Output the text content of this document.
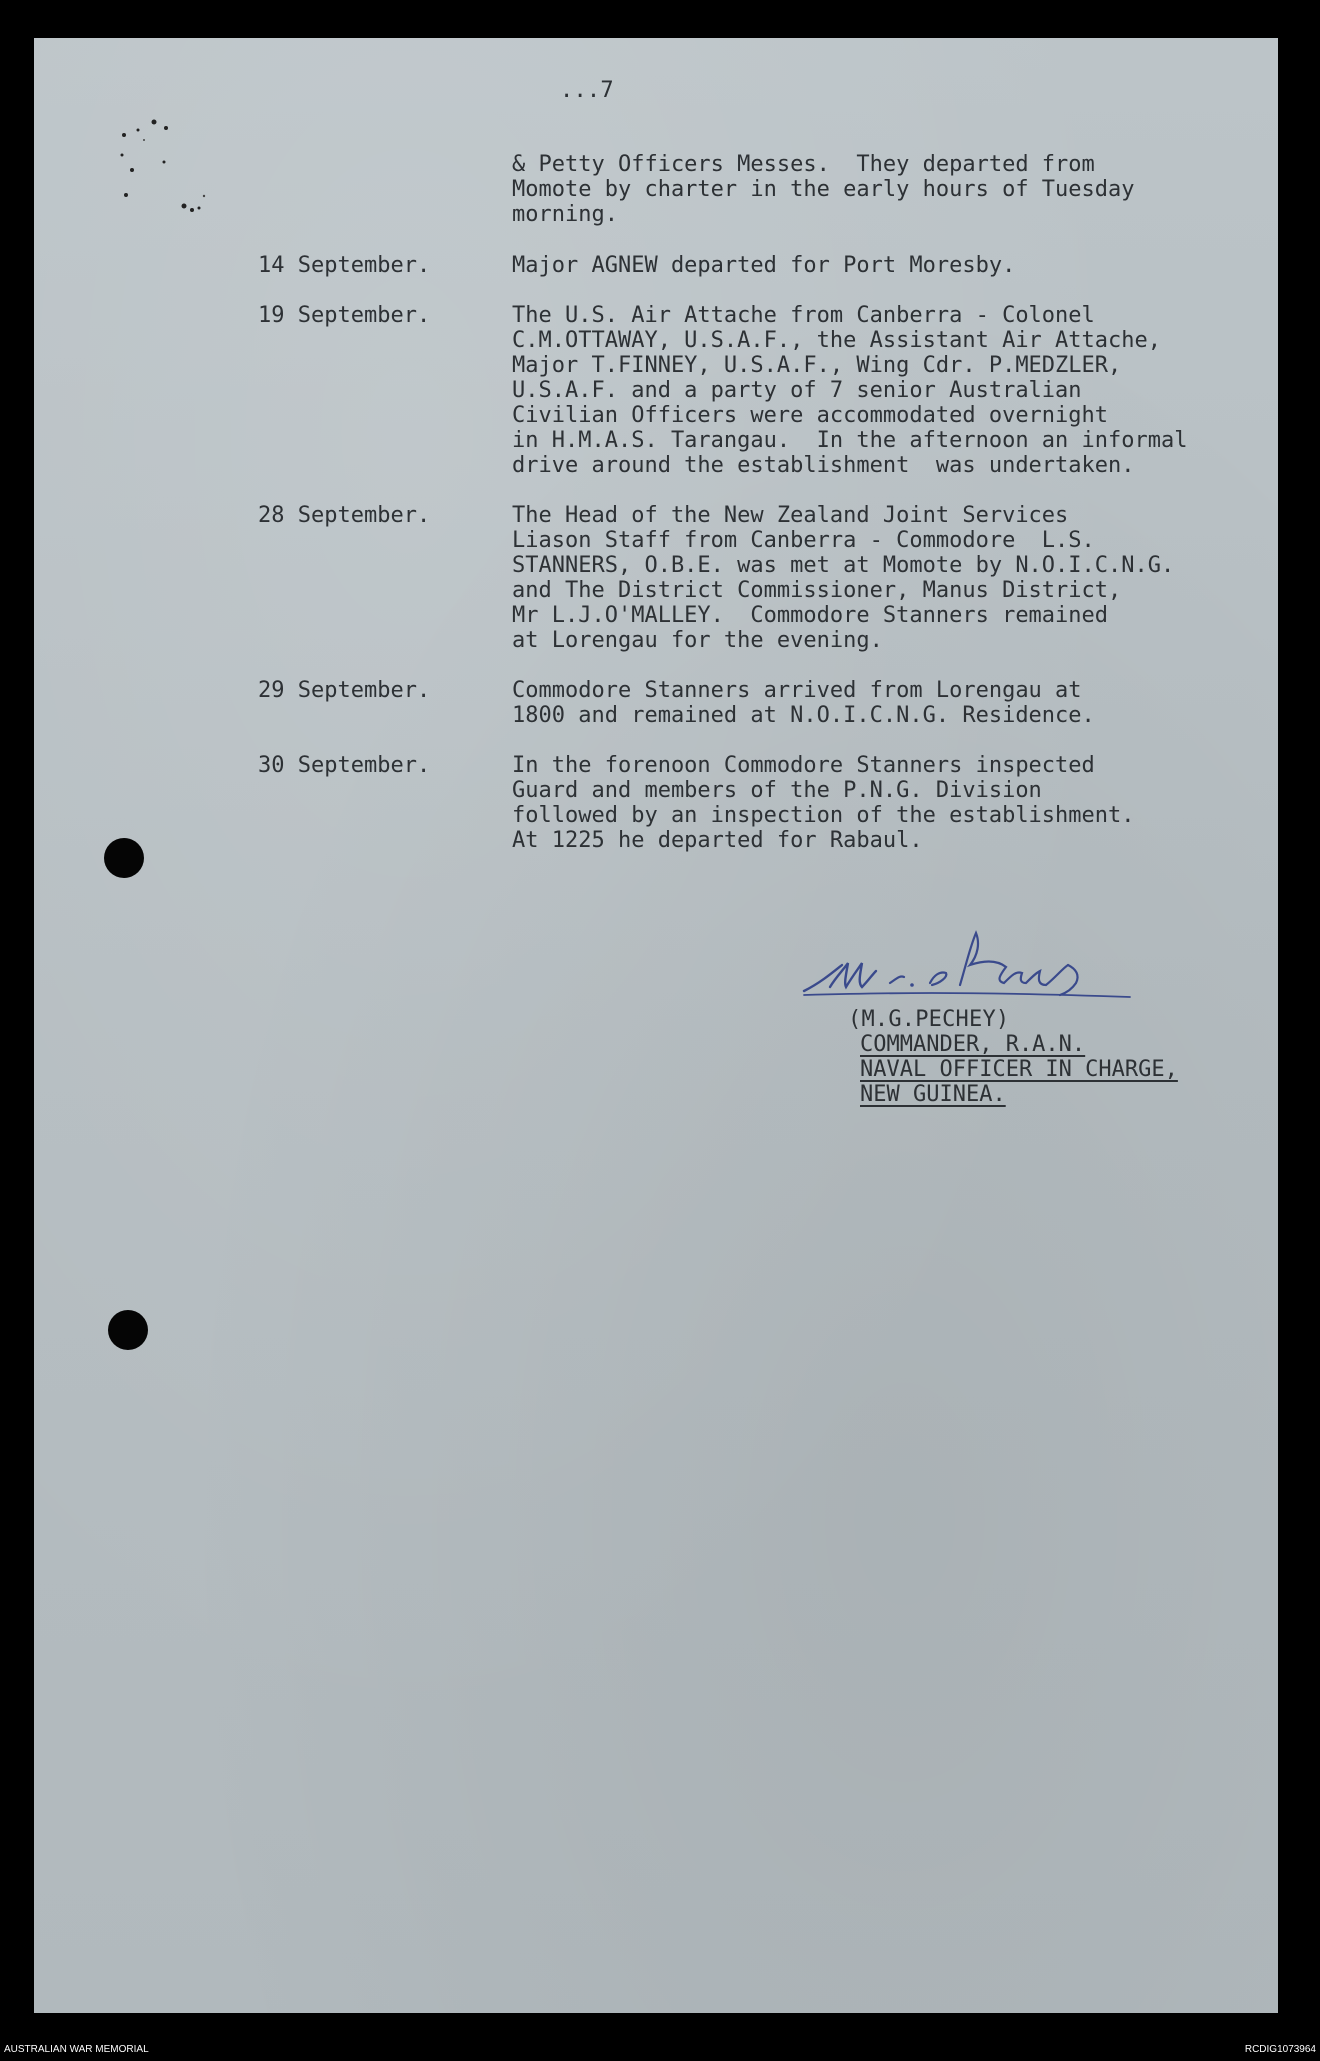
...7
& Petty Officers Messes.  They departed from
Momote by charter in the early hours of Tuesday
morning.
14 September.	Major AGNEW departed for Port Moresby.
19 September.	The U.S. Air Attache from Canberra - Colonel
C.M.OTTAWAY, U.S.A.F., the Assistant Air Attache,
Major T.FINNEY, U.S.A.F., Wing Cdr. P.MEDZLER,
U.S.A.F. and a party of 7 senior Australian
Civilian Officers were accommodated overnight
in H.M.A.S. Tarangau.  In the afternoon an informal
drive around the establishment  was undertaken.
28 September.	The Head of the New Zealand Joint Services
Liason Staff from Canberra - Commodore  L.S.
STANNERS, O.B.E. was met at Momote by N.O.I.C.N.G.
and The District Commissioner, Manus District,
Mr L.J.O'MALLEY.  Commodore Stanners remained
at Lorengau for the evening.
29 September.	Commodore Stanners arrived from Lorengau at
1800 and remained at N.O.I.C.N.G. Residence.
30 September.	In the forenoon Commodore Stanners inspected
Guard and members of the P.N.G. Division
followed by an inspection of the establishment.
At 1225 he departed for Rabaul.
(M.G.PECHEY)
COMMANDER, R.A.N.
NAVAL OFFICER IN CHARGE,
NEW GUINEA.
AUSTRALIAN WAR MEMORIAL	RCDIG1073964
